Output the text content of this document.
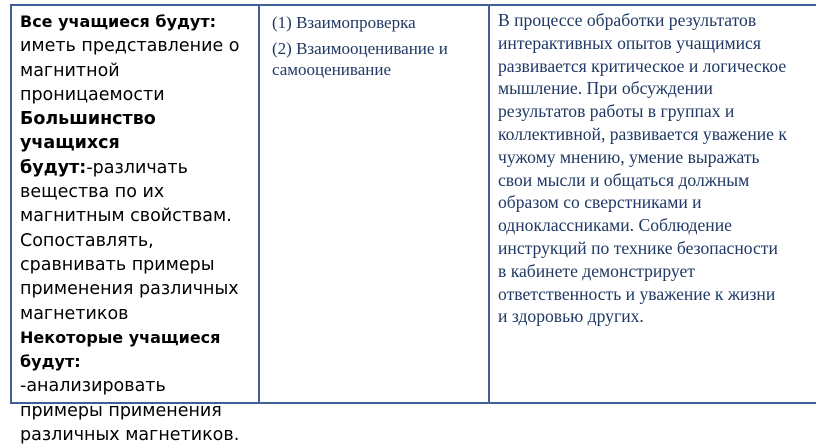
Все учащиеся будут:
иметь представление о
магнитной
проницаемости
Большинство учащихся
будут:-различать
вещества по их
магнитным свойствам.
Сопоставлять,
сравнивать примеры
применения различных
магнетиков
Некоторые учащиеся
будут:
-анализировать
примеры применения
различных магнетиков.

(1) Взаимопроверка

(2) Взаимооценивание и
самооценивание

В процессе обработки результатов
интерактивных опытов учащимися
развивается критическое и логическое
мышление. При обсуждении
результатов работы в группах и
коллективной, развивается уважение к
чужому мнению, умение выражать
свои мысли и общаться должным
образом со сверстниками и
одноклассниками. Соблюдение
инструкций по технике безопасности
в кабинете демонстрирует
ответственность и уважение к жизни
и здоровью других.
